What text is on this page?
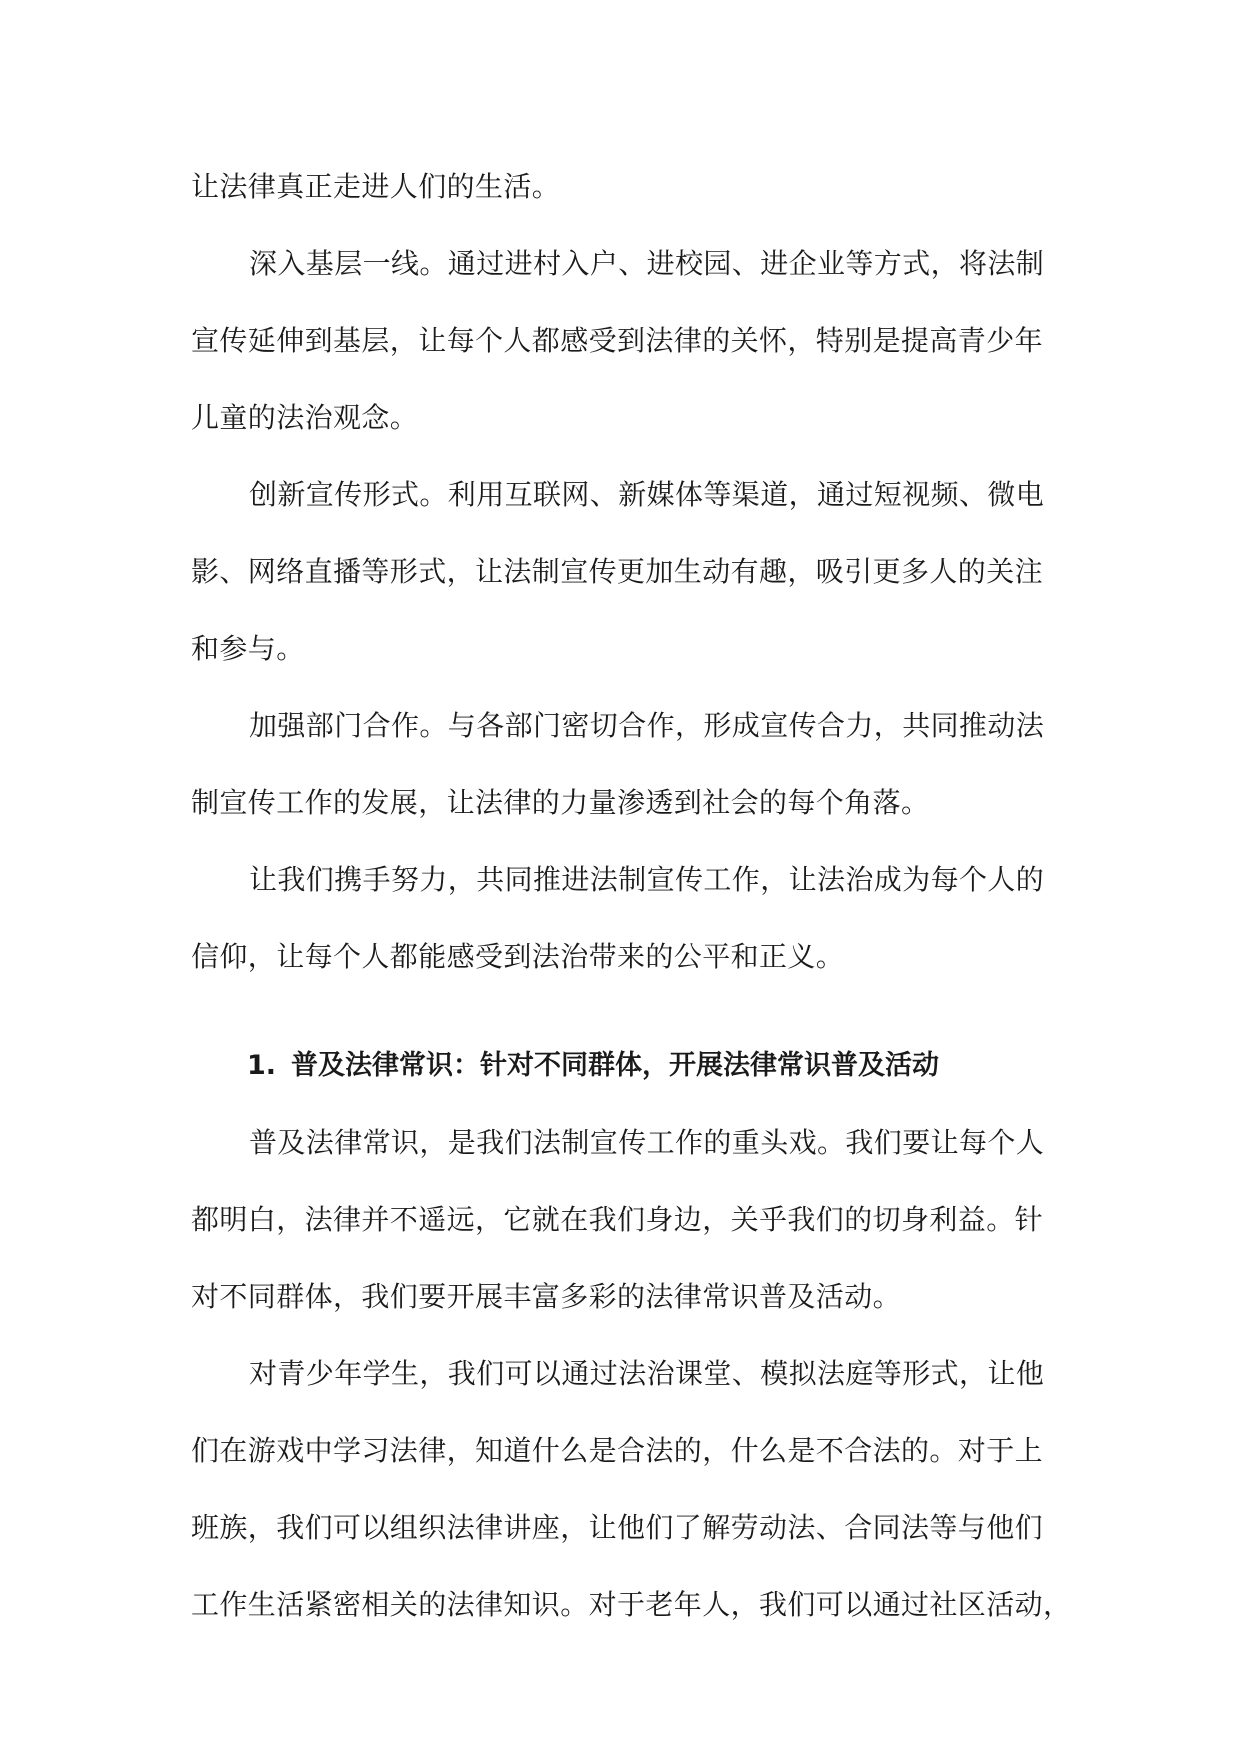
让法律真正走进人们的生活。
深入基层一线。通过进村入户、进校园、进企业等方式，将法制
宣传延伸到基层，让每个人都感受到法律的关怀，特别是提高青少年
儿童的法治观念。
创新宣传形式。利用互联网、新媒体等渠道，通过短视频、微电
影、网络直播等形式，让法制宣传更加生动有趣，吸引更多人的关注
和参与。
加强部门合作。与各部门密切合作，形成宣传合力，共同推动法
制宣传工作的发展，让法律的力量渗透到社会的每个角落。
让我们携手努力，共同推进法制宣传工作，让法治成为每个人的
信仰，让每个人都能感受到法治带来的公平和正义。
1. 普及法律常识：针对不同群体，开展法律常识普及活动
普及法律常识，是我们法制宣传工作的重头戏。我们要让每个人
都明白，法律并不遥远，它就在我们身边，关乎我们的切身利益。针
对不同群体，我们要开展丰富多彩的法律常识普及活动。
对青少年学生，我们可以通过法治课堂、模拟法庭等形式，让他
们在游戏中学习法律，知道什么是合法的，什么是不合法的。对于上
班族，我们可以组织法律讲座，让他们了解劳动法、合同法等与他们
工作生活紧密相关的法律知识。对于老年人，我们可以通过社区活动，
